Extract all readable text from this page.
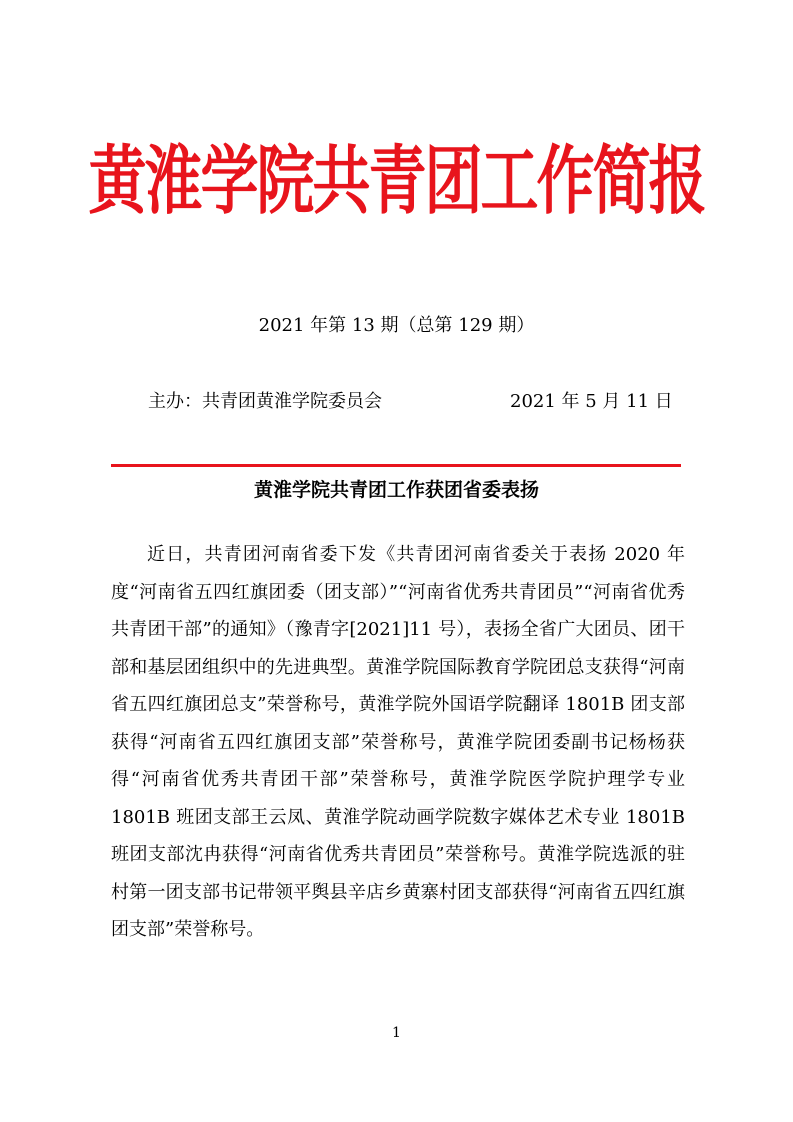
黄淮学院共青团工作简报
2021 年第 13 期（总第 129 期）
主办：共青团黄淮学院委员会	2021 年 5 月 11 日
黄淮学院共青团工作获团省委表扬

近日，共青团河南省委下发《共青团河南省委关于表扬 2020 年度“河南省五四红旗团委（团支部）”“河南省优秀共青团员”“河南省优秀共青团干部”的通知》（豫青字[2021]11 号），表扬全省广大团员、团干部和基层团组织中的先进典型。黄淮学院国际教育学院团总支获得“河南省五四红旗团总支”荣誉称号，黄淮学院外国语学院翻译 1801B 团支部获得“河南省五四红旗团支部”荣誉称号，黄淮学院团委副书记杨杨获得“河南省优秀共青团干部”荣誉称号，黄淮学院医学院护理学专业 1801B 班团支部王云凤、黄淮学院动画学院数字媒体艺术专业 1801B 班团支部沈冉获得“河南省优秀共青团员”荣誉称号。黄淮学院选派的驻村第一团支部书记带领平舆县辛店乡黄寨村团支部获得“河南省五四红旗团支部”荣誉称号。

1
